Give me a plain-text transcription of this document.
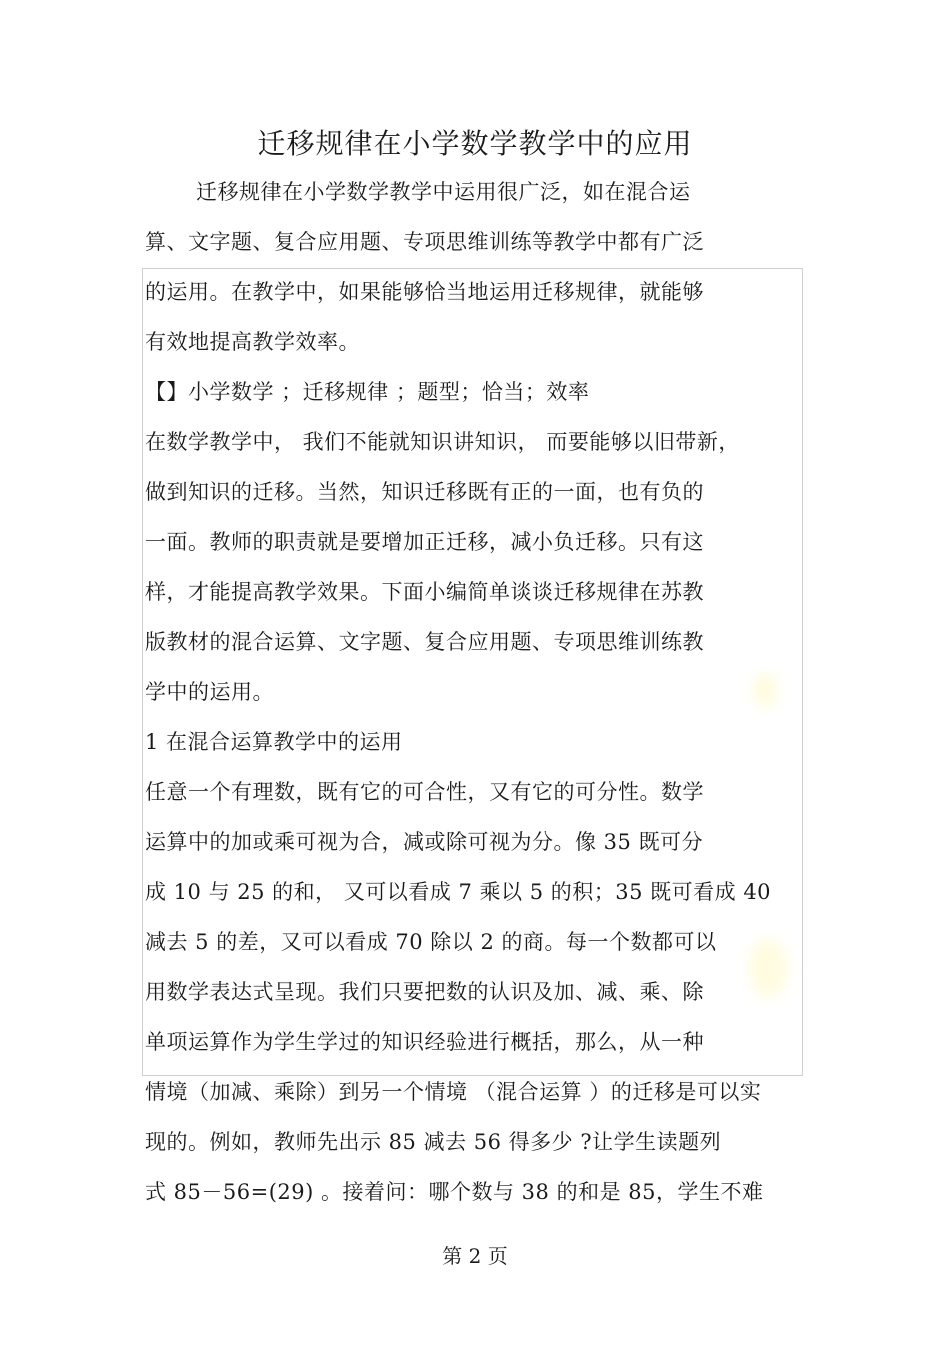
迁移规律在小学数学教学中的应用
迁移规律在小学数学教学中运用很广泛，如在混合运
算、文字题、复合应用题、专项思维训练等教学中都有广泛
的运用。在教学中，如果能够恰当地运用迁移规律，就能够
有效地提高教学效率。
【】小学数学 ；迁移规律 ；题型；恰当；效率
在数学教学中， 我们不能就知识讲知识， 而要能够以旧带新，
做到知识的迁移。当然，知识迁移既有正的一面，也有负的
一面。教师的职责就是要增加正迁移，减小负迁移。只有这
样，才能提高教学效果。下面小编简单谈谈迁移规律在苏教
版教材的混合运算、文字题、复合应用题、专项思维训练教
学中的运用。
1 在混合运算教学中的运用
任意一个有理数，既有它的可合性，又有它的可分性。数学
运算中的加或乘可视为合，减或除可视为分。像 35 既可分
成 10 与 25 的和， 又可以看成 7 乘以 5 的积；35 既可看成 40
减去 5 的差，又可以看成 70 除以 2 的商。每一个数都可以
用数学表达式呈现。我们只要把数的认识及加、减、乘、除
单项运算作为学生学过的知识经验进行概括，那么，从一种
情境（加减、乘除）到另一个情境 （混合运算 ）的迁移是可以实
现的。例如，教师先出示 85 减去 56 得多少 ?让学生读题列
式 85－56=(29) 。接着问：哪个数与 38 的和是 85，学生不难
第 2 页
